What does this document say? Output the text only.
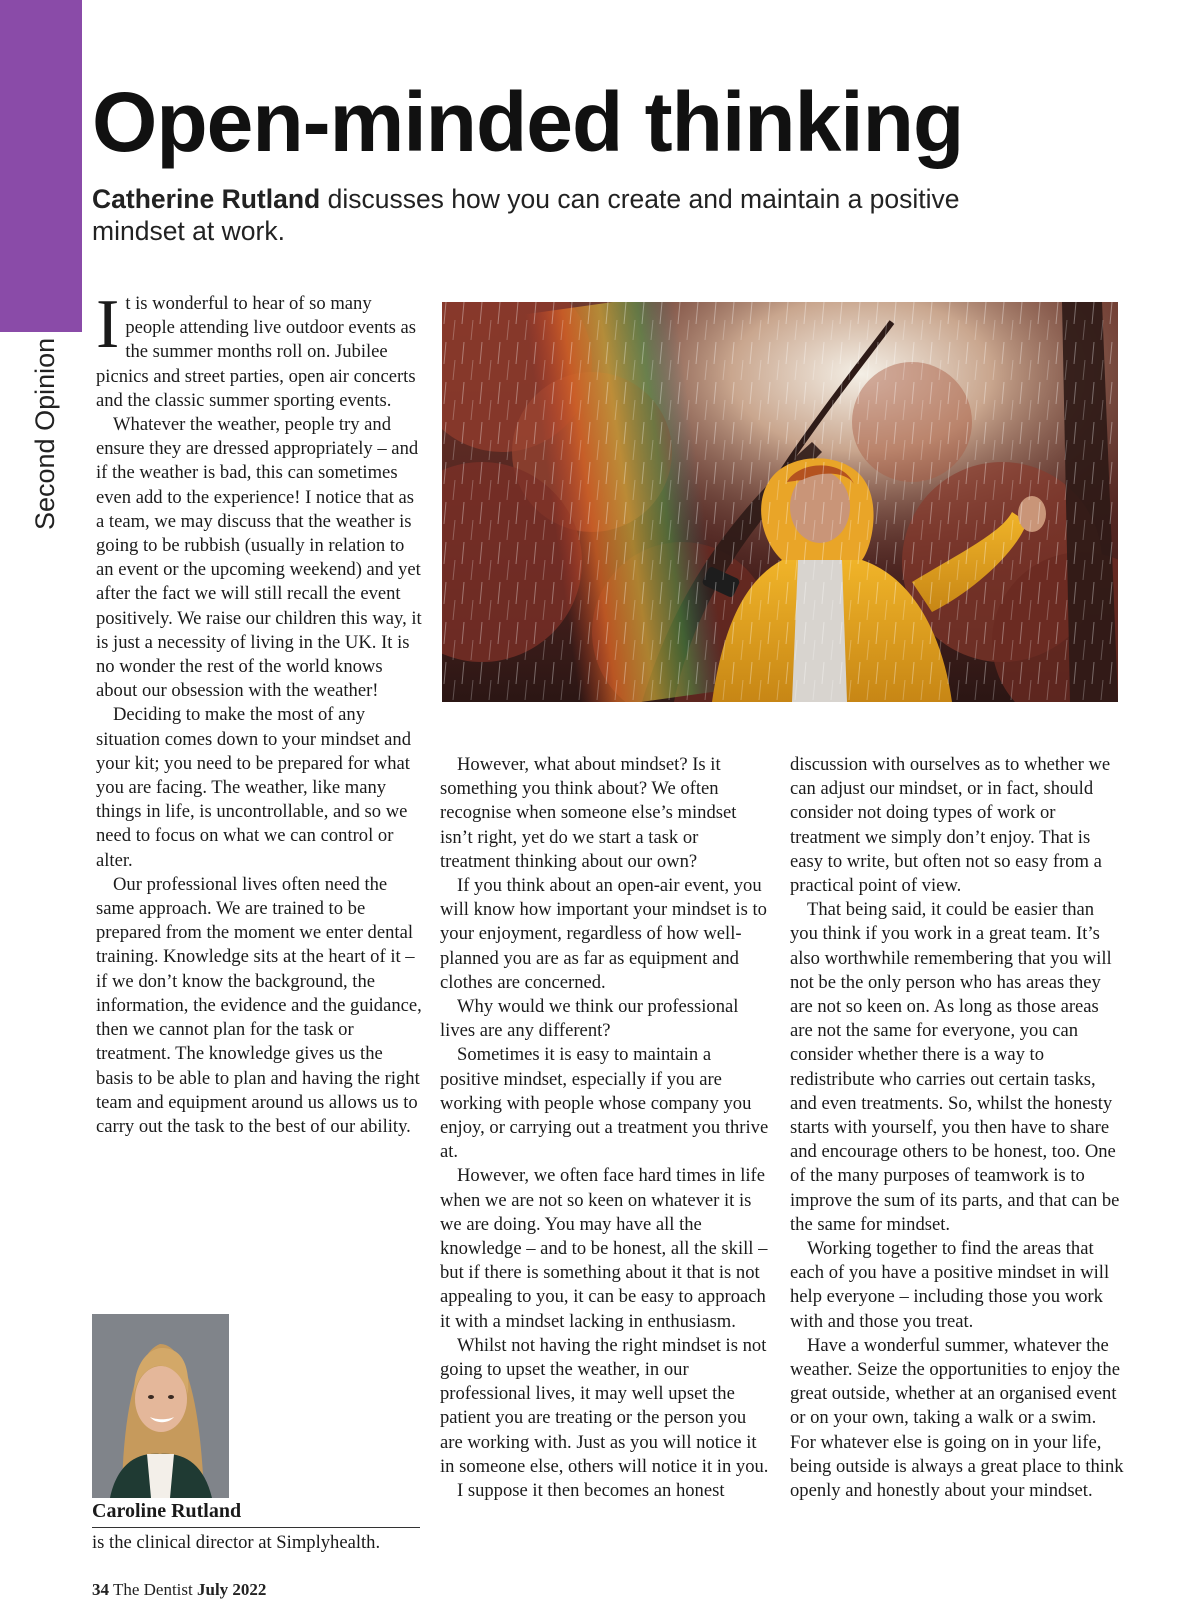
Second Opinion
Open-minded thinking

Catherine Rutland discusses how you can create and maintain a positive mindset at work.

It is wonderful to hear of so many people attending live outdoor events as the summer months roll on. Jubilee picnics and street parties, open air concerts and the classic summer sporting events.

Whatever the weather, people try and ensure they are dressed appropriately – and if the weather is bad, this can sometimes even add to the experience! I notice that as a team, we may discuss that the weather is going to be rubbish (usually in relation to an event or the upcoming weekend) and yet after the fact we will still recall the event positively. We raise our children this way, it is just a necessity of living in the UK. It is no wonder the rest of the world knows about our obsession with the weather!

Deciding to make the most of any situation comes down to your mindset and your kit; you need to be prepared for what you are facing. The weather, like many things in life, is uncontrollable, and so we need to focus on what we can control or alter.

Our professional lives often need the same approach. We are trained to be prepared from the moment we enter dental training. Knowledge sits at the heart of it – if we don’t know the background, the information, the evidence and the guidance, then we cannot plan for the task or treatment. The knowledge gives us the basis to be able to plan and having the right team and equipment around us allows us to carry out the task to the best of our ability.

However, what about mindset? Is it something you think about? We often recognise when someone else’s mindset isn’t right, yet do we start a task or treatment thinking about our own?

If you think about an open-air event, you will know how important your mindset is to your enjoyment, regardless of how well-planned you are as far as equipment and clothes are concerned.

Why would we think our professional lives are any different?

Sometimes it is easy to maintain a positive mindset, especially if you are working with people whose company you enjoy, or carrying out a treatment you thrive at.

However, we often face hard times in life when we are not so keen on whatever it is we are doing. You may have all the knowledge – and to be honest, all the skill – but if there is something about it that is not appealing to you, it can be easy to approach it with a mindset lacking in enthusiasm.

Whilst not having the right mindset is not going to upset the weather, in our professional lives, it may well upset the patient you are treating or the person you are working with. Just as you will notice it in someone else, others will notice it in you.

I suppose it then becomes an honest

discussion with ourselves as to whether we can adjust our mindset, or in fact, should consider not doing types of work or treatment we simply don’t enjoy. That is easy to write, but often not so easy from a practical point of view.

That being said, it could be easier than you think if you work in a great team. It’s also worthwhile remembering that you will not be the only person who has areas they are not so keen on. As long as those areas are not the same for everyone, you can consider whether there is a way to redistribute who carries out certain tasks, and even treatments. So, whilst the honesty starts with yourself, you then have to share and encourage others to be honest, too. One of the many purposes of teamwork is to improve the sum of its parts, and that can be the same for mindset.

Working together to find the areas that each of you have a positive mindset in will help everyone – including those you work with and those you treat.

Have a wonderful summer, whatever the weather. Seize the opportunities to enjoy the great outside, whether at an organised event or on your own, taking a walk or a swim. For whatever else is going on in your life, being outside is always a great place to think openly and honestly about your mindset.

Caroline Rutland

is the clinical director at Simplyhealth.

34 The Dentist July 2022
